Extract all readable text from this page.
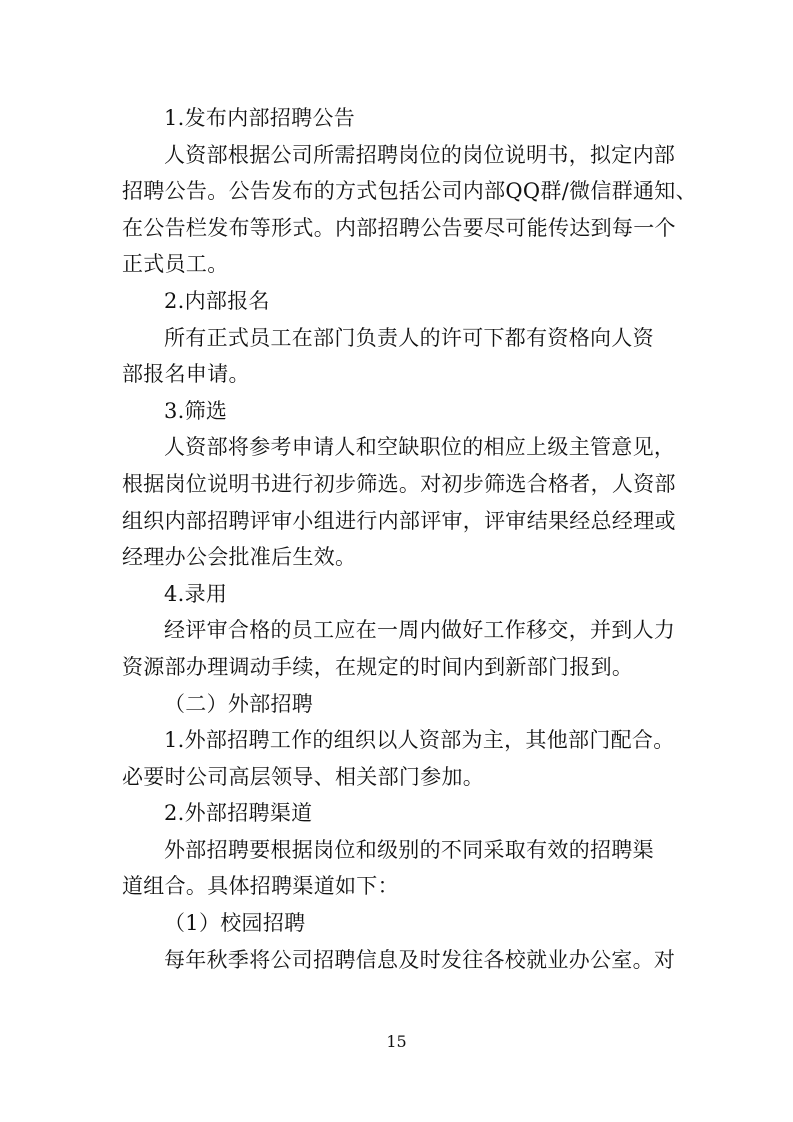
1.发布内部招聘公告
人资部根据公司所需招聘岗位的岗位说明书，拟定内部
招聘公告。公告发布的方式包括公司内部QQ群/微信群通知、
在公告栏发布等形式。内部招聘公告要尽可能传达到每一个
正式员工。
2.内部报名
所有正式员工在部门负责人的许可下都有资格向人资
部报名申请。
3.筛选
人资部将参考申请人和空缺职位的相应上级主管意见，
根据岗位说明书进行初步筛选。对初步筛选合格者，人资部
组织内部招聘评审小组进行内部评审，评审结果经总经理或
经理办公会批准后生效。
4.录用
经评审合格的员工应在一周内做好工作移交，并到人力
资源部办理调动手续，在规定的时间内到新部门报到。
（二）外部招聘
1.外部招聘工作的组织以人资部为主，其他部门配合。
必要时公司高层领导、相关部门参加。
2.外部招聘渠道
外部招聘要根据岗位和级别的不同采取有效的招聘渠
道组合。具体招聘渠道如下：
（1）校园招聘
每年秋季将公司招聘信息及时发往各校就业办公室。对
15
